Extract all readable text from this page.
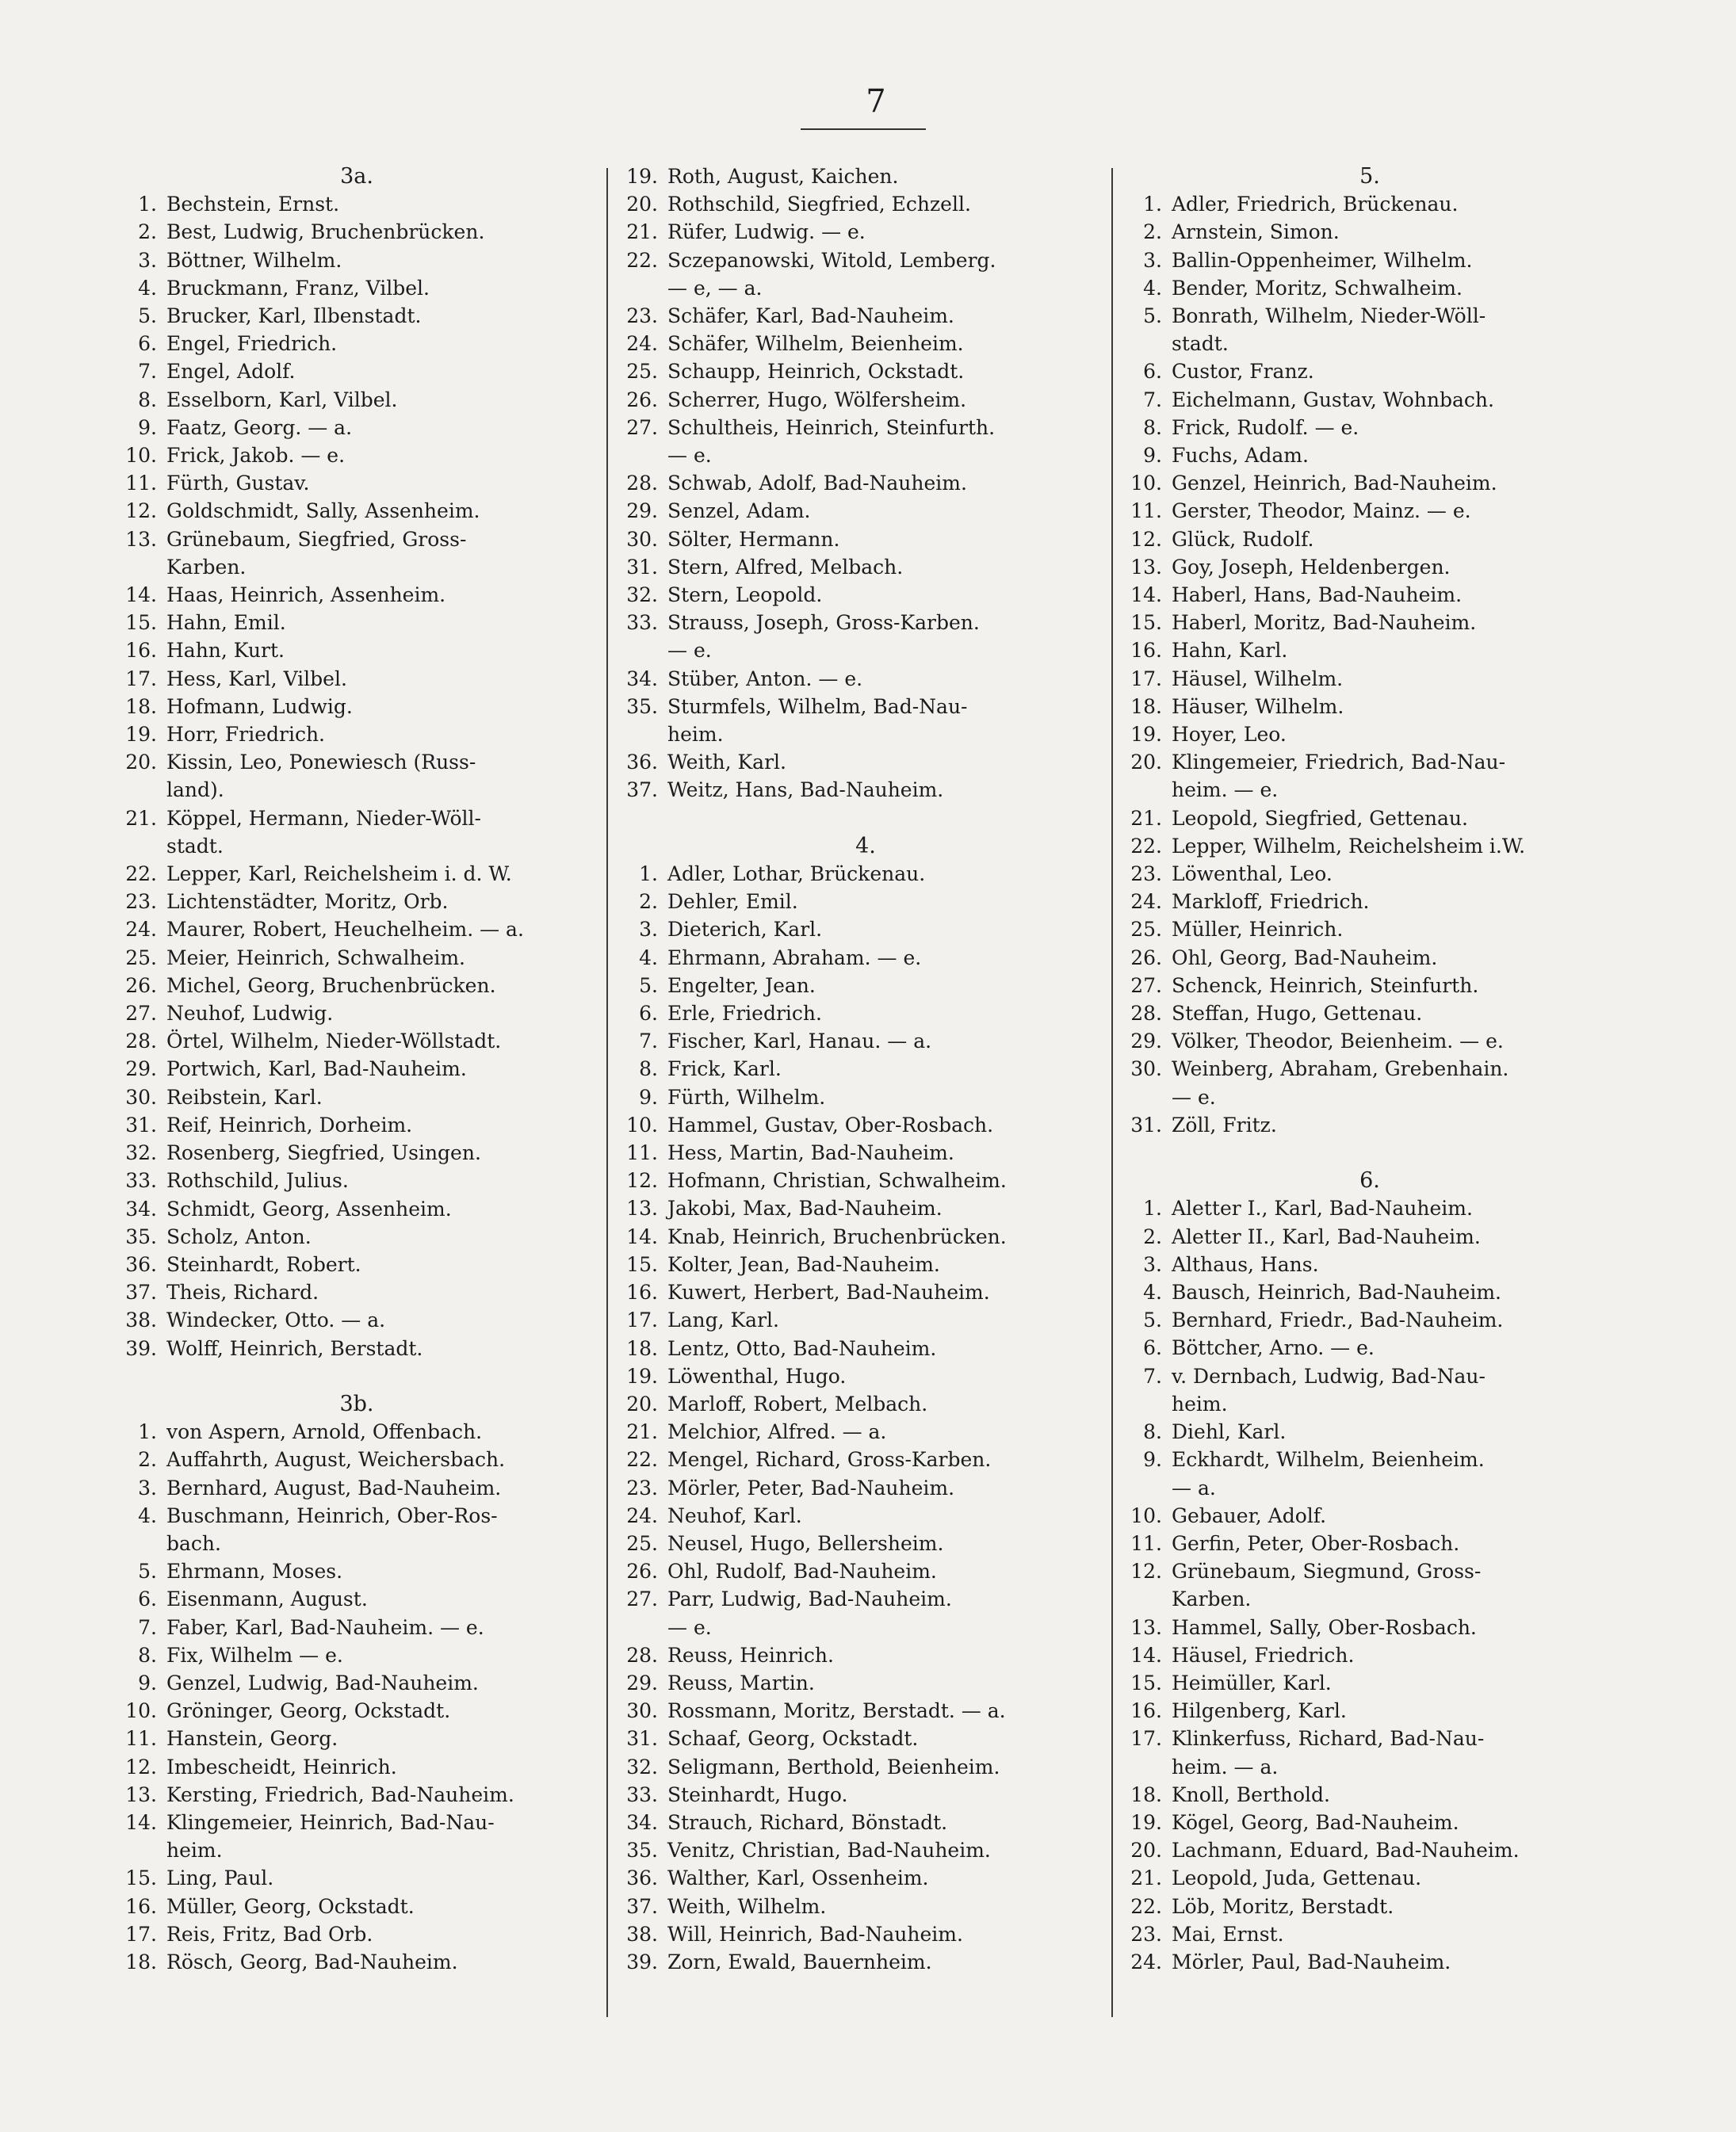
7
3a.
1. Bechstein, Ernst.
2. Best, Ludwig, Bruchenbrücken.
3. Böttner, Wilhelm.
4. Bruckmann, Franz, Vilbel.
5. Brucker, Karl, Ilbenstadt.
6. Engel, Friedrich.
7. Engel, Adolf.
8. Esselborn, Karl, Vilbel.
9. Faatz, Georg. — a.
10. Frick, Jakob. — e.
11. Fürth, Gustav.
12. Goldschmidt, Sally, Assenheim.
13. Grünebaum, Siegfried, Gross-
Karben.
14. Haas, Heinrich, Assenheim.
15. Hahn, Emil.
16. Hahn, Kurt.
17. Hess, Karl, Vilbel.
18. Hofmann, Ludwig.
19. Horr, Friedrich.
20. Kissin, Leo, Ponewiesch (Russ-
land).
21. Köppel, Hermann, Nieder-Wöll-
stadt.
22. Lepper, Karl, Reichelsheim i. d. W.
23. Lichtenstädter, Moritz, Orb.
24. Maurer, Robert, Heuchelheim. — a.
25. Meier, Heinrich, Schwalheim.
26. Michel, Georg, Bruchenbrücken.
27. Neuhof, Ludwig.
28. Örtel, Wilhelm, Nieder-Wöllstadt.
29. Portwich, Karl, Bad-Nauheim.
30. Reibstein, Karl.
31. Reif, Heinrich, Dorheim.
32. Rosenberg, Siegfried, Usingen.
33. Rothschild, Julius.
34. Schmidt, Georg, Assenheim.
35. Scholz, Anton.
36. Steinhardt, Robert.
37. Theis, Richard.
38. Windecker, Otto. — a.
39. Wolff, Heinrich, Berstadt.
3b.
1. von Aspern, Arnold, Offenbach.
2. Auffahrth, August, Weichersbach.
3. Bernhard, August, Bad-Nauheim.
4. Buschmann, Heinrich, Ober-Ros-
bach.
5. Ehrmann, Moses.
6. Eisenmann, August.
7. Faber, Karl, Bad-Nauheim. — e.
8. Fix, Wilhelm — e.
9. Genzel, Ludwig, Bad-Nauheim.
10. Gröninger, Georg, Ockstadt.
11. Hanstein, Georg.
12. Imbescheidt, Heinrich.
13. Kersting, Friedrich, Bad-Nauheim.
14. Klingemeier, Heinrich, Bad-Nau-
heim.
15. Ling, Paul.
16. Müller, Georg, Ockstadt.
17. Reis, Fritz, Bad Orb.
18. Rösch, Georg, Bad-Nauheim.
19. Roth, August, Kaichen.
20. Rothschild, Siegfried, Echzell.
21. Rüfer, Ludwig. — e.
22. Sczepanowski, Witold, Lemberg.
— e, — a.
23. Schäfer, Karl, Bad-Nauheim.
24. Schäfer, Wilhelm, Beienheim.
25. Schaupp, Heinrich, Ockstadt.
26. Scherrer, Hugo, Wölfersheim.
27. Schultheis, Heinrich, Steinfurth.
— e.
28. Schwab, Adolf, Bad-Nauheim.
29. Senzel, Adam.
30. Sölter, Hermann.
31. Stern, Alfred, Melbach.
32. Stern, Leopold.
33. Strauss, Joseph, Gross-Karben.
— e.
34. Stüber, Anton. — e.
35. Sturmfels, Wilhelm, Bad-Nau-
heim.
36. Weith, Karl.
37. Weitz, Hans, Bad-Nauheim.
4.
1. Adler, Lothar, Brückenau.
2. Dehler, Emil.
3. Dieterich, Karl.
4. Ehrmann, Abraham. — e.
5. Engelter, Jean.
6. Erle, Friedrich.
7. Fischer, Karl, Hanau. — a.
8. Frick, Karl.
9. Fürth, Wilhelm.
10. Hammel, Gustav, Ober-Rosbach.
11. Hess, Martin, Bad-Nauheim.
12. Hofmann, Christian, Schwalheim.
13. Jakobi, Max, Bad-Nauheim.
14. Knab, Heinrich, Bruchenbrücken.
15. Kolter, Jean, Bad-Nauheim.
16. Kuwert, Herbert, Bad-Nauheim.
17. Lang, Karl.
18. Lentz, Otto, Bad-Nauheim.
19. Löwenthal, Hugo.
20. Marloff, Robert, Melbach.
21. Melchior, Alfred. — a.
22. Mengel, Richard, Gross-Karben.
23. Mörler, Peter, Bad-Nauheim.
24. Neuhof, Karl.
25. Neusel, Hugo, Bellersheim.
26. Ohl, Rudolf, Bad-Nauheim.
27. Parr, Ludwig, Bad-Nauheim.
— e.
28. Reuss, Heinrich.
29. Reuss, Martin.
30. Rossmann, Moritz, Berstadt. — a.
31. Schaaf, Georg, Ockstadt.
32. Seligmann, Berthold, Beienheim.
33. Steinhardt, Hugo.
34. Strauch, Richard, Bönstadt.
35. Venitz, Christian, Bad-Nauheim.
36. Walther, Karl, Ossenheim.
37. Weith, Wilhelm.
38. Will, Heinrich, Bad-Nauheim.
39. Zorn, Ewald, Bauernheim.
5.
1. Adler, Friedrich, Brückenau.
2. Arnstein, Simon.
3. Ballin-Oppenheimer, Wilhelm.
4. Bender, Moritz, Schwalheim.
5. Bonrath, Wilhelm, Nieder-Wöll-
stadt.
6. Custor, Franz.
7. Eichelmann, Gustav, Wohnbach.
8. Frick, Rudolf. — e.
9. Fuchs, Adam.
10. Genzel, Heinrich, Bad-Nauheim.
11. Gerster, Theodor, Mainz. — e.
12. Glück, Rudolf.
13. Goy, Joseph, Heldenbergen.
14. Haberl, Hans, Bad-Nauheim.
15. Haberl, Moritz, Bad-Nauheim.
16. Hahn, Karl.
17. Häusel, Wilhelm.
18. Häuser, Wilhelm.
19. Hoyer, Leo.
20. Klingemeier, Friedrich, Bad-Nau-
heim. — e.
21. Leopold, Siegfried, Gettenau.
22. Lepper, Wilhelm, Reichelsheim i.W.
23. Löwenthal, Leo.
24. Markloff, Friedrich.
25. Müller, Heinrich.
26. Ohl, Georg, Bad-Nauheim.
27. Schenck, Heinrich, Steinfurth.
28. Steffan, Hugo, Gettenau.
29. Völker, Theodor, Beienheim. — e.
30. Weinberg, Abraham, Grebenhain.
— e.
31. Zöll, Fritz.
6.
1. Aletter I., Karl, Bad-Nauheim.
2. Aletter II., Karl, Bad-Nauheim.
3. Althaus, Hans.
4. Bausch, Heinrich, Bad-Nauheim.
5. Bernhard, Friedr., Bad-Nauheim.
6. Böttcher, Arno. — e.
7. v. Dernbach, Ludwig, Bad-Nau-
heim.
8. Diehl, Karl.
9. Eckhardt, Wilhelm, Beienheim.
— a.
10. Gebauer, Adolf.
11. Gerfin, Peter, Ober-Rosbach.
12. Grünebaum, Siegmund, Gross-
Karben.
13. Hammel, Sally, Ober-Rosbach.
14. Häusel, Friedrich.
15. Heimüller, Karl.
16. Hilgenberg, Karl.
17. Klinkerfuss, Richard, Bad-Nau-
heim. — a.
18. Knoll, Berthold.
19. Kögel, Georg, Bad-Nauheim.
20. Lachmann, Eduard, Bad-Nauheim.
21. Leopold, Juda, Gettenau.
22. Löb, Moritz, Berstadt.
23. Mai, Ernst.
24. Mörler, Paul, Bad-Nauheim.
